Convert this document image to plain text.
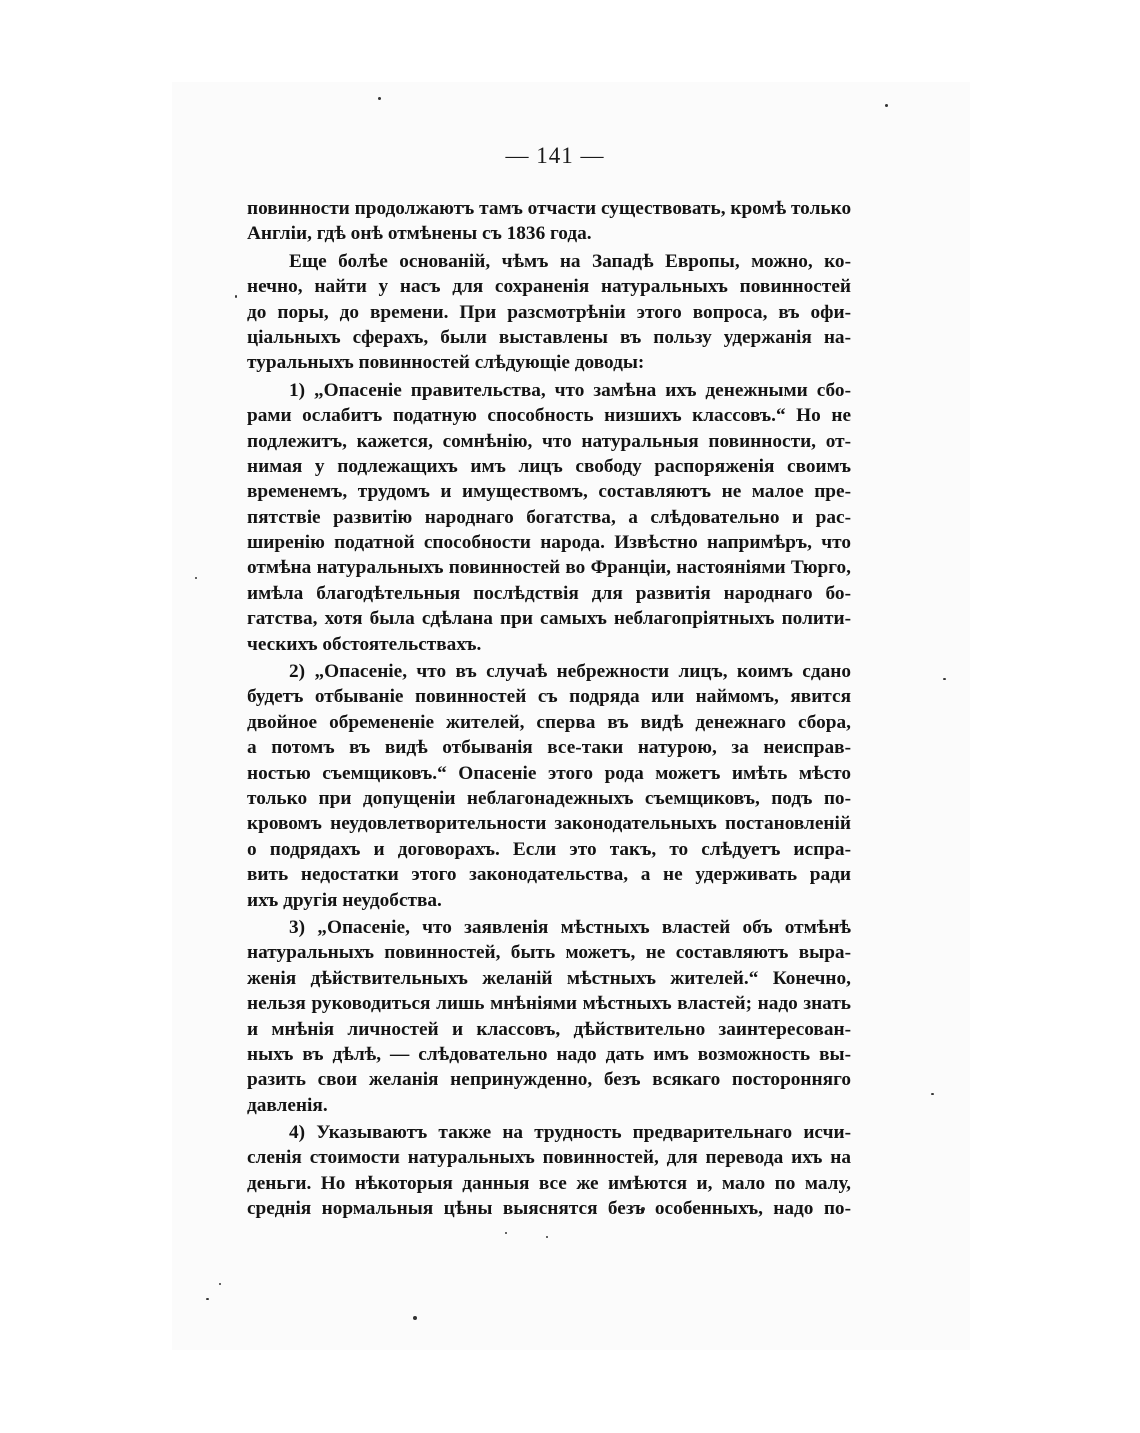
— 141 —
повинности продолжаютъ тамъ отчасти существовать, кромѣ только
Англіи, гдѣ онѣ отмѣнены съ 1836 года.
Еще болѣе основаній, чѣмъ на Западѣ Европы, можно, ко-
нечно, найти у насъ для сохраненія натуральныхъ повинностей
до поры, до времени. При разсмотрѣніи этого вопроса, въ офи-
ціальныхъ сферахъ, были выставлены въ пользу удержанія на-
туральныхъ повинностей слѣдующіе доводы:
1) „Опасеніе правительства, что замѣна ихъ денежными сбо-
рами ослабитъ податную способность низшихъ классовъ.“ Но не
подлежитъ, кажется, сомнѣнію, что натуральныя повинности, от-
нимая у подлежащихъ имъ лицъ свободу распоряженія своимъ
временемъ, трудомъ и имуществомъ, составляютъ не малое пре-
пятствіе развитію народнаго богатства, а слѣдовательно и рас-
ширенію податной способности народа. Извѣстно напримѣръ, что
отмѣна натуральныхъ повинностей во Франціи, настояніями Тюрго,
имѣла благодѣтельныя послѣдствія для развитія народнаго бо-
гатства, хотя была сдѣлана при самыхъ неблагопріятныхъ полити-
ческихъ обстоятельствахъ.
2) „Опасеніе, что въ случаѣ небрежности лицъ, коимъ сдано
будетъ отбываніе повинностей съ подряда или наймомъ, явится
двойное обремененіе жителей, сперва въ видѣ денежнаго сбора,
а потомъ въ видѣ отбыванія все-таки натурою, за неисправ-
ностью съемщиковъ.“ Опасеніе этого рода можетъ имѣть мѣсто
только при допущеніи неблагонадежныхъ съемщиковъ, подъ по-
кровомъ неудовлетворительности законодательныхъ постановленій
о подрядахъ и договорахъ. Если это такъ, то слѣдуетъ испра-
вить недостатки этого законодательства, а не удерживать ради
ихъ другія неудобства.
3) „Опасеніе, что заявленія мѣстныхъ властей объ отмѣнѣ
натуральныхъ повинностей, быть можетъ, не составляютъ выра-
женія дѣйствительныхъ желаній мѣстныхъ жителей.“ Конечно,
нельзя руководиться лишь мнѣніями мѣстныхъ властей; надо знать
и мнѣнія личностей и классовъ, дѣйствительно заинтересован-
ныхъ въ дѣлѣ, — слѣдовательно надо дать имъ возможность вы-
разить свои желанія непринужденно, безъ всякаго посторонняго
давленія.
4) Указываютъ также на трудность предварительнаго исчи-
сленія стоимости натуральныхъ повинностей, для перевода ихъ на
деньги. Но нѣкоторыя данныя все же имѣются и, мало по малу,
среднія нормальныя цѣны выяснятся безъ особенныхъ, надо по-
